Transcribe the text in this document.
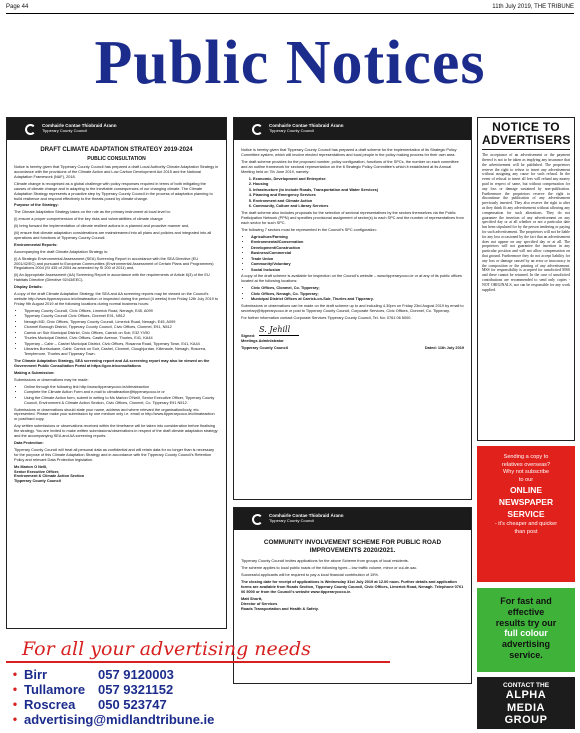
Page 44	11th July 2019, THE TRIBUNE
Public Notices
Comhairle Contae Thiobraid Árann
Tipperary County Council
DRAFT CLIMATE ADAPTATION STRATEGY 2019-2024
PUBLIC CONSULTATION

Notice is hereby given that Tipperary County Council has prepared a draft Local Authority Climate Adaptation Strategy in accordance with the provisions of the Climate Action and Low Carbon Development Act 2015 and the National Adaptation Framework (NAF), 2018.

Climate change is recognised as a global challenge with policy responses required in terms of both mitigating the causes of climate change and in adapting to the inevitable consequences of our changing climate. The Climate Adaptation Strategy represents a proactive step by Tipperary County Council in the process of adaptation planning to build resilience and respond effectively to the threats posed by climate change.

Purpose of the Strategy:

The Climate Adaptation Strategy takes on the role as the primary instrument at local level to:

(i) ensure a proper comprehension of the key risks and vulnerabilities of climate change

(ii) bring forward the implementation of climate resilient actions in a planned and proactive manner and,

(iii) ensure that climate adaptation considerations are mainstreamed into all plans and policies and integrated into all operations and functions of Tipperary County Council.

Environmental Reports:

Accompanying the draft Climate Adaptation Strategy is:

(i) A Strategic Environmental Assessment (SEA) Screening Report in accordance with the SEA Directive (EU 2001/42/EC) and pursuant to European Communities (Environmental Assessment of Certain Plans and Programmes) Regulations 2004 (SI 435 of 2004 as amended by SI 200 of 2011) and,

(ii) An Appropriate Assessment (AA) Screening Report in accordance with the requirements of Article 6(3) of the EU Habitats Directive (Directive 92/43/EEC).

Display Details:

A copy of the draft Climate Adaptation Strategy, the SEA and AA screening reports may be viewed on the Council's website http://www.tipperarycoco.ie/climateaction or inspected during the period (4 weeks) from Friday 12th July 2019 to Friday 9th August 2019 at the following locations during normal business hours:

• Tipperary County Council, Civic Offices, Limerick Road, Nenagh, E45, A099
• Tipperary County Council Civic Offices, Clonmel E91, N512
• Nenagh MD, Civic Offices, Tipperary County Council, Limerick Road, Nenagh, E45, A099
• Clonmel Borough District, Tipperary County Council, Civic Offices, Clonmel, E91, N512
• Carrick on Suir Municipal District, Civic Offices, Carrick on Suir, E32 YV50
• Thurles Municipal District, Civic Offices, Castle Avenue, Thurles, E41, KA44
• Tipperary – Cahir – Cashel Municipal District, Civic Offices, Rosanna Road, Tipperary Town, E41, KA44
• Libraries Borrisokane, Cahir, Carrick on Suir, Cashel, Clonmel, Cloughjordan, Killenaule, Nenagh, Roscrea, Templemore, Thurles and Tipperary Town.

The Climate Adaptation Strategy, SEA screening report and AA screening report may also be viewed on the Government Public Consultation Portal at https://gov.ie/consultations

Making a Submission:

Submissions or observations may be made:

• Online through the following link http://www.tipperarycoco.ie/climateaction
• Complete the Climate Action Form and e-mail to climateaction@tipperarycoco.ie or
• Using the Climate Action form, submit in writing to Ms Marion O'Neill, Senior Executive Officer, Tipperary County Council, Environment & Climate Action Section, Civic Offices, Clonmel, Co. Tipperary E91 N512.

Submissions or observations should state your name, address and where relevant the organisation/body, etc. represented. Please make your submission by one medium only i.e. email or http://www.tipperarycoco.ie/climateaction or post/hard copy.

Any written submissions or observations received within the timeframe will be taken into consideration before finalising the strategy. You are invited to make written submissions/observations in respect of the draft climate adaptation strategy and the accompanying SEA and AA screening reports.

Data Protection:

Tipperary County Council will treat all personal data as confidential and will retain data for no longer than is necessary for the purpose of this Climate Adaptation Strategy and in accordance with the Tipperary County Council's Retention Policy and relevant Data Protection legislation.

Ms Marion O Neill,
Senior Executive Officer,
Environment & Climate Action Section
Tipperary County Council
Comhairle Contae Thiobraid Árann
Tipperary County Council

Notice is hereby given that Tipperary County Council has prepared a draft scheme for the implementation of its Strategic Policy Committee system, which will involve elected representatives and local people in the policy making process for their own area.

The draft scheme provides for the proposed number, policy configuration, functions of the SPCs, the number on each committee and an outline framework for sectoral representation on the 6 Strategic Policy Committee's which it established at its Annual Meeting held on 7th June 2019, namely:

1. Economic, Development and Enterprise
2. Housing
3. Infrastructure (to include Roads, Transportation and Water Services)
4. Planning and Emergency Services
5. Environment and Climate Action
6. Community, Culture and Library Services

The draft scheme also includes proposals for the selection of sectoral representatives by the sectors themselves via the Public Participation Network (PPN) and specifies provisional assignment of sector(s) to each SPC and the number of representatives from each sector for such SPC.

The following 7 sectors must be represented in the Council's SPC configuration:

• Agriculture/Farming
• Environmental/Conservation
• Development/Construction
• Business/Commercial
• Trade Union
• Community/Voluntary
• Social Inclusion

A copy of the draft scheme is available for inspection on the Council's website – www.tipperarycoco.ie or at any of its public offices located at the following locations:

• Civic Offices, Clonmel, Co. Tipperary;
• Civic Offices, Nenagh, Co. Tipperary;
• Municipal District Offices at Carrick-on-Suir, Thurles and Tipperary.

Submissions or observations can be made on the draft scheme up to and including 4.30pm on Friday 23rd August 2019 by email to secretary@tipperarycoco.ie or post to Tipperary County Council, Corporate Services, Civic Offices, Clonmel, Co. Tipperary.

For further information contact Corporate Services Tipperary County Council, Tel. No: 0761 06 5000.

Signed:
S. Jehill
Meetings Administrator
Tipperary County Council	Dated: 11th July 2019
Comhairle Contae Thiobraid Árann
Tipperary County Council
COMMUNITY INVOLVEMENT SCHEME FOR PUBLIC ROAD IMPROVEMENTS 2020/2021.

Tipperary County Council invites applications for the above Scheme from groups of local residents.

The scheme applies to local public roads of the following types – low traffic volume, minor or cul-de-sac.

Successful applicants will be required to pay a local financial contribution of 15%.

The closing date for receipt of applications is Wednesday 31st July 2019 at 12.00 noon. Further details and application forms are available from Roads Section, Tipperary County Council, Civic Offices, Limerick Road, Nenagh. Telephone 0761 06 5000 or from the Council's website www.tipperarycoco.ie.

Matt Shortt,
Director of Services
Roads Transportation and Health & Safety.
NOTICE TO ADVERTISERS
The acceptance of an advertisement or the payment thereof is not to be taken as implying any insurance that the advertisement will be published. The proprietors reserve the right to refuse to insert any advertisement without assigning any cause for such refusal. In the event of refusal to insert all fees will refund any money paid in respect of same, but without compensation for any loss or damage sustained by non-publication. Furthermore the proprietors reserve the right to discontinue the publication of any advertisement previously inserted. They also reserve the right to alter as they think fit any advertisement without allowing any compensation for such alterations. They do not guarantee the insertion of any advertisement on any specified day or at all whether or not a particular date has been stipulated for by the person tendering or paying for such advertisement. The proprietors will not be liable for any loss occasioned by the fact that an advertisement does not appear on any specified day or at all. The proprietors will not guarantee the insertion in any particular position and will not allow compensation on that ground. Furthermore they do not accept liability for any loss or damage caused by an error or inaccuracy in the composition or the printing of any advertisement. MSS for responsibility is accepted for unsolicited MSS and these cannot be returned. In the case of unsolicited contributions are recommended to send only copies - NOT ORIGINALS, nor can be responsible for any work supplied.
Sending a copy to
relatives overseas?
Why not subscribe
to our
ONLINE
NEWSPAPER
SERVICE
- it's cheaper and quicker
than post
For fast and
effective
results try our
full colour
advertising
service.
CONTACT THE
ALPHA
MEDIA
GROUP
For all your advertising needs
• Birr	057 9120003
• Tullamore 057 9321152
• Roscrea	050 523747
• advertising@midlandtribune.ie
